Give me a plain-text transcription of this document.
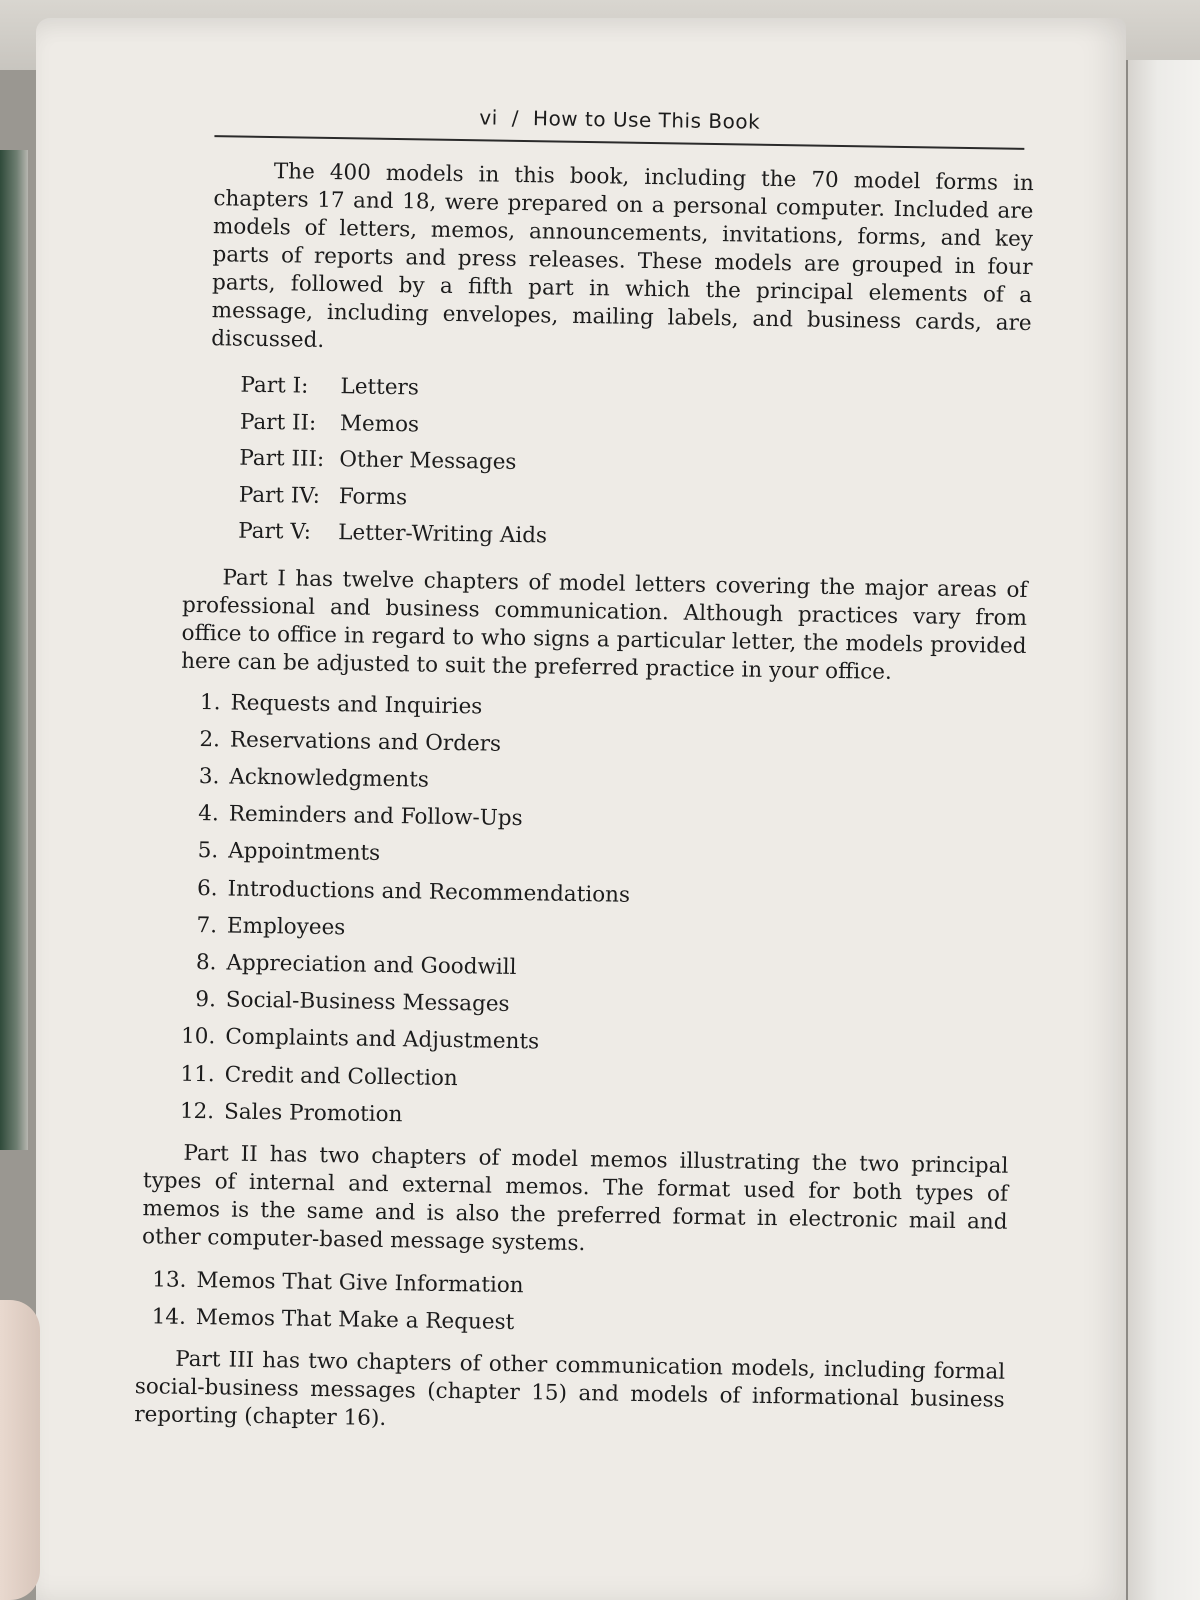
vi / How to Use This Book

The 400 models in this book, including the 70 model forms in chapters 17 and 18, were prepared on a personal computer. Included are models of letters, memos, announcements, invitations, forms, and key parts of reports and press releases. These models are grouped in four parts, followed by a fifth part in which the principal elements of a message, including envelopes, mailing labels, and business cards, are discussed.

Part I: Letters
Part II: Memos
Part III: Other Messages
Part IV: Forms
Part V: Letter-Writing Aids

Part I has twelve chapters of model letters covering the major areas of professional and business communication. Although practices vary from office to office in regard to who signs a particular letter, the models provided here can be adjusted to suit the preferred practice in your office.

1. Requests and Inquiries
2. Reservations and Orders
3. Acknowledgments
4. Reminders and Follow-Ups
5. Appointments
6. Introductions and Recommendations
7. Employees
8. Appreciation and Goodwill
9. Social-Business Messages
10. Complaints and Adjustments
11. Credit and Collection
12. Sales Promotion

Part II has two chapters of model memos illustrating the two principal types of internal and external memos. The format used for both types of memos is the same and is also the preferred format in electronic mail and other computer-based message systems.

13. Memos That Give Information
14. Memos That Make a Request

Part III has two chapters of other communication models, including formal social-business messages (chapter 15) and models of informational business reporting (chapter 16).
